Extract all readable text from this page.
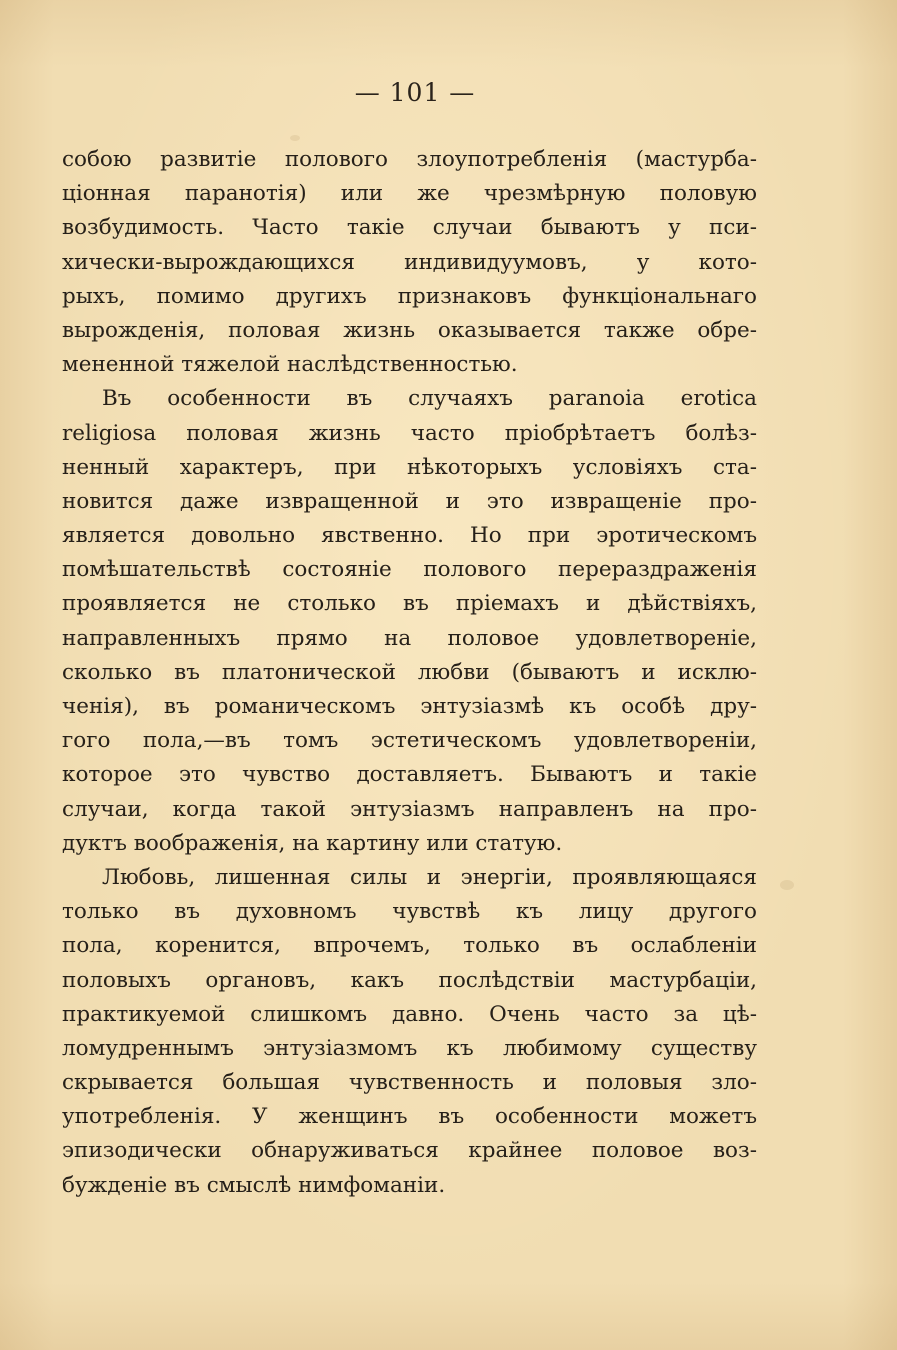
— 101 —
собою развитіе полового злоупотребленія (мастурба-
ціонная паранотія) или же чрезмѣрную половую
возбудимость. Часто такіе случаи бываютъ у пси-
хически-вырождающихся индивидуумовъ, у кото-
рыхъ, помимо другихъ признаковъ функціональнаго
вырожденія, половая жизнь оказывается также обре-
мененной тяжелой наслѣдственностью.
Въ особенности въ случаяхъ paranoia erotica
religiosa половая жизнь часто пріобрѣтаетъ болѣз-
ненный характеръ, при нѣкоторыхъ условіяхъ ста-
новится даже извращенной и это извращеніе про-
является довольно явственно. Но при эротическомъ
помѣшательствѣ состояніе полового перераздраженія
проявляется не столько въ пріемахъ и дѣйствіяхъ,
направленныхъ прямо на половое удовлетвореніе,
сколько въ платонической любви (бываютъ и исклю-
ченія), въ романическомъ энтузіазмѣ къ особѣ дру-
гого пола,—въ томъ эстетическомъ удовлетвореніи,
которое это чувство доставляетъ. Бываютъ и такіе
случаи, когда такой энтузіазмъ направленъ на про-
дуктъ воображенія, на картину или статую.
Любовь, лишенная силы и энергіи, проявляющаяся
только въ духовномъ чувствѣ къ лицу другого
пола, коренится, впрочемъ, только въ ослабленіи
половыхъ органовъ, какъ послѣдствіи мастурбаціи,
практикуемой слишкомъ давно. Очень часто за цѣ-
ломудреннымъ энтузіазмомъ къ любимому существу
скрывается большая чувственность и половыя зло-
употребленія. У женщинъ въ особенности можетъ
эпизодически обнаруживаться крайнее половое воз-
бужденіе въ смыслѣ нимфоманіи.
